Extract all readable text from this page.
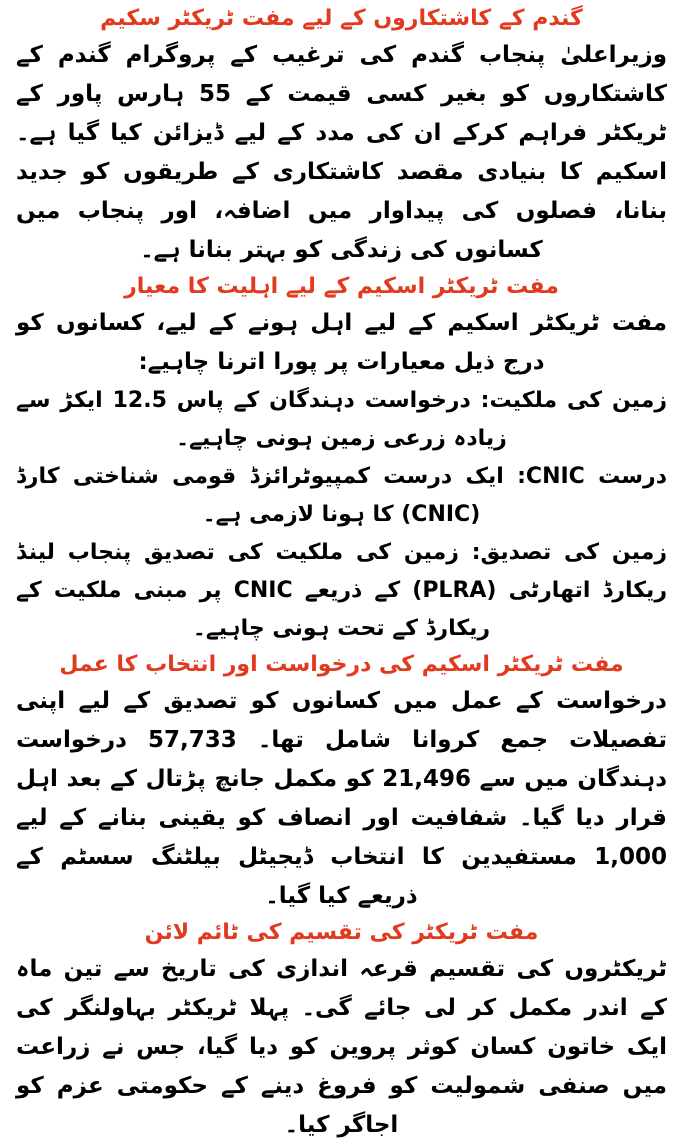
گندم کے کاشتکاروں کے لیے مفت ٹریکٹر سکیم

وزیراعلیٰ پنجاب گندم کی ترغیب کے پروگرام گندم کے کاشتکاروں کو بغیر کسی قیمت کے 55 ہارس پاور کے ٹریکٹر فراہم کرکے ان کی مدد کے لیے ڈیزائن کیا گیا ہے۔ اسکیم کا بنیادی مقصد کاشتکاری کے طریقوں کو جدید بنانا، فصلوں کی پیداوار میں اضافہ، اور پنجاب میں کسانوں کی زندگی کو بہتر بنانا ہے۔

مفت ٹریکٹر اسکیم کے لیے اہلیت کا معیار

مفت ٹریکٹر اسکیم کے لیے اہل ہونے کے لیے، کسانوں کو درج ذیل معیارات پر پورا اترنا چاہیے:

زمین کی ملکیت: درخواست دہندگان کے پاس 12.5 ایکڑ سے زیادہ زرعی زمین ہونی چاہیے۔

درست CNIC: ایک درست کمپیوٹرائزڈ قومی شناختی کارڈ (CNIC) کا ہونا لازمی ہے۔

زمین کی تصدیق: زمین کی ملکیت کی تصدیق پنجاب لینڈ ریکارڈ اتھارٹی (PLRA) کے ذریعے CNIC پر مبنی ملکیت کے ریکارڈ کے تحت ہونی چاہیے۔

مفت ٹریکٹر اسکیم کی درخواست اور انتخاب کا عمل

درخواست کے عمل میں کسانوں کو تصدیق کے لیے اپنی تفصیلات جمع کروانا شامل تھا۔ 57,733 درخواست دہندگان میں سے 21,496 کو مکمل جانچ پڑتال کے بعد اہل قرار دیا گیا۔ شفافیت اور انصاف کو یقینی بنانے کے لیے 1,000 مستفیدین کا انتخاب ڈیجیٹل بیلٹنگ سسٹم کے ذریعے کیا گیا۔

مفت ٹریکٹر کی تقسیم کی ٹائم لائن

ٹریکٹروں کی تقسیم قرعہ اندازی کی تاریخ سے تین ماہ کے اندر مکمل کر لی جائے گی۔ پہلا ٹریکٹر بہاولنگر کی ایک خاتون کسان کوثر پروین کو دیا گیا، جس نے زراعت میں صنفی شمولیت کو فروغ دینے کے حکومتی عزم کو اجاگر کیا۔
